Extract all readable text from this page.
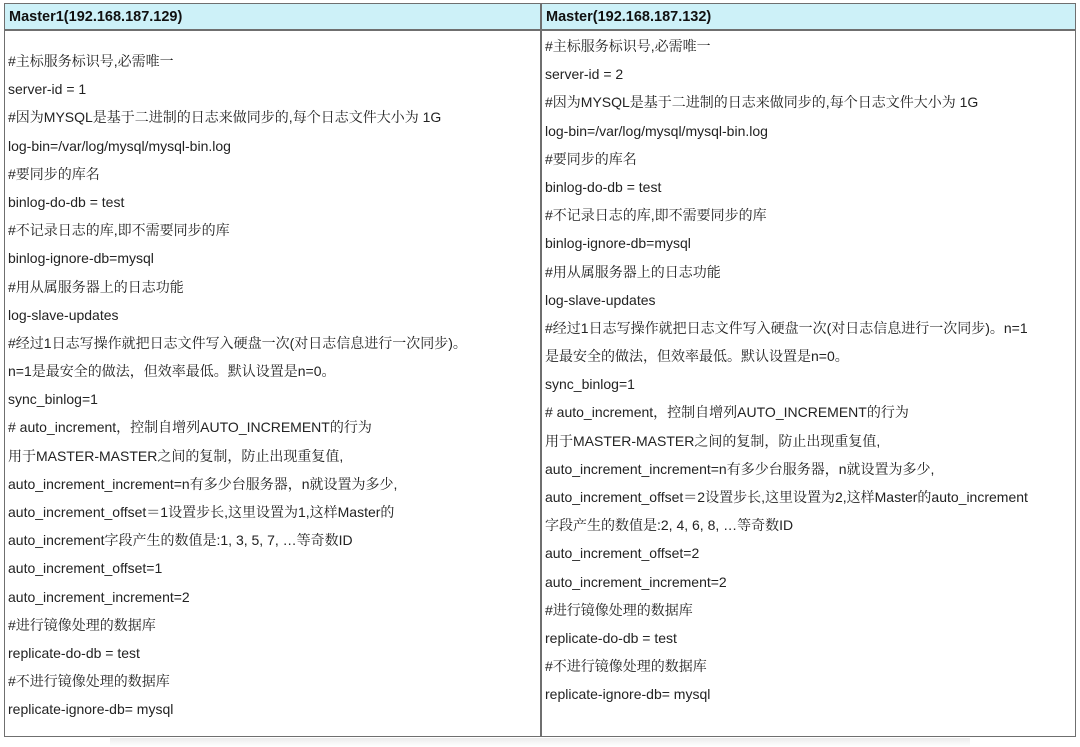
Master1(192.168.187.129)
#主标服务标识号,必需唯一
server-id = 1
#因为MYSQL是基于二进制的日志来做同步的,每个日志文件大小为 1G
log-bin=/var/log/mysql/mysql-bin.log
#要同步的库名
binlog-do-db = test
#不记录日志的库,即不需要同步的库
binlog-ignore-db=mysql
#用从属服务器上的日志功能
log-slave-updates
#经过1日志写操作就把日志文件写入硬盘一次(对日志信息进行一次同步)。
n=1是最安全的做法，但效率最低。默认设置是n=0。
sync_binlog=1
# auto_increment，控制自增列AUTO_INCREMENT的行为
用于MASTER-MASTER之间的复制，防止出现重复值,
auto_increment_increment=n有多少台服务器，n就设置为多少,
auto_increment_offset＝1设置步长,这里设置为1,这样Master的
auto_increment字段产生的数值是:1, 3, 5, 7, …等奇数ID
auto_increment_offset=1
auto_increment_increment=2
#进行镜像处理的数据库
replicate-do-db = test
#不进行镜像处理的数据库
replicate-ignore-db= mysql
Master(192.168.187.132)
#主标服务标识号,必需唯一
server-id = 2
#因为MYSQL是基于二进制的日志来做同步的,每个日志文件大小为 1G
log-bin=/var/log/mysql/mysql-bin.log
#要同步的库名
binlog-do-db = test
#不记录日志的库,即不需要同步的库
binlog-ignore-db=mysql
#用从属服务器上的日志功能
log-slave-updates
#经过1日志写操作就把日志文件写入硬盘一次(对日志信息进行一次同步)。n=1
是最安全的做法，但效率最低。默认设置是n=0。
sync_binlog=1
# auto_increment，控制自增列AUTO_INCREMENT的行为
用于MASTER-MASTER之间的复制，防止出现重复值,
auto_increment_increment=n有多少台服务器，n就设置为多少,
auto_increment_offset＝2设置步长,这里设置为2,这样Master的auto_increment
字段产生的数值是:2, 4, 6, 8, …等奇数ID
auto_increment_offset=2
auto_increment_increment=2
#进行镜像处理的数据库
replicate-do-db = test
#不进行镜像处理的数据库
replicate-ignore-db= mysql
